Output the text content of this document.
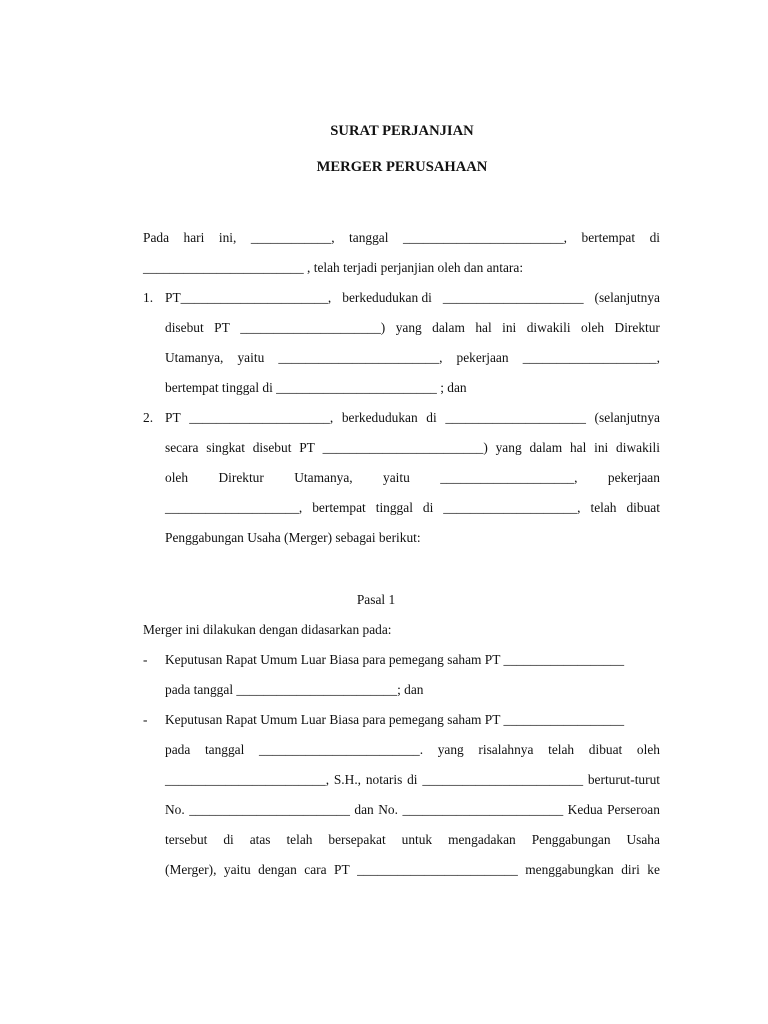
SURAT PERJANJIAN
MERGER PERUSAHAAN
Pada hari ini, ____________, tanggal ________________________, bertempat di
________________________ , telah terjadi perjanjian oleh dan antara:
1. PT______________________, berkedudukan di _____________________ (selanjutnya
disebut PT _____________________) yang dalam hal ini diwakili oleh Direktur
Utamanya, yaitu ________________________, pekerjaan ____________________,
bertempat tinggal di ________________________ ; dan
2. PT _____________________, berkedudukan di _____________________ (selanjutnya
secara singkat disebut PT ________________________) yang dalam hal ini diwakili
oleh Direktur Utamanya, yaitu ____________________, pekerjaan
____________________, bertempat tinggal di ____________________, telah dibuat
Penggabungan Usaha (Merger) sebagai berikut:
Pasal 1
Merger ini dilakukan dengan didasarkan pada:
- Keputusan Rapat Umum Luar Biasa para pemegang saham PT __________________
pada tanggal ________________________; dan
- Keputusan Rapat Umum Luar Biasa para pemegang saham PT __________________
pada tanggal ________________________. yang risalahnya telah dibuat oleh
________________________, S.H., notaris di ________________________ berturut-turut
No. ________________________ dan No. ________________________ Kedua Perseroan
tersebut di atas telah bersepakat untuk mengadakan Penggabungan Usaha
(Merger), yaitu dengan cara PT ________________________ menggabungkan diri ke
